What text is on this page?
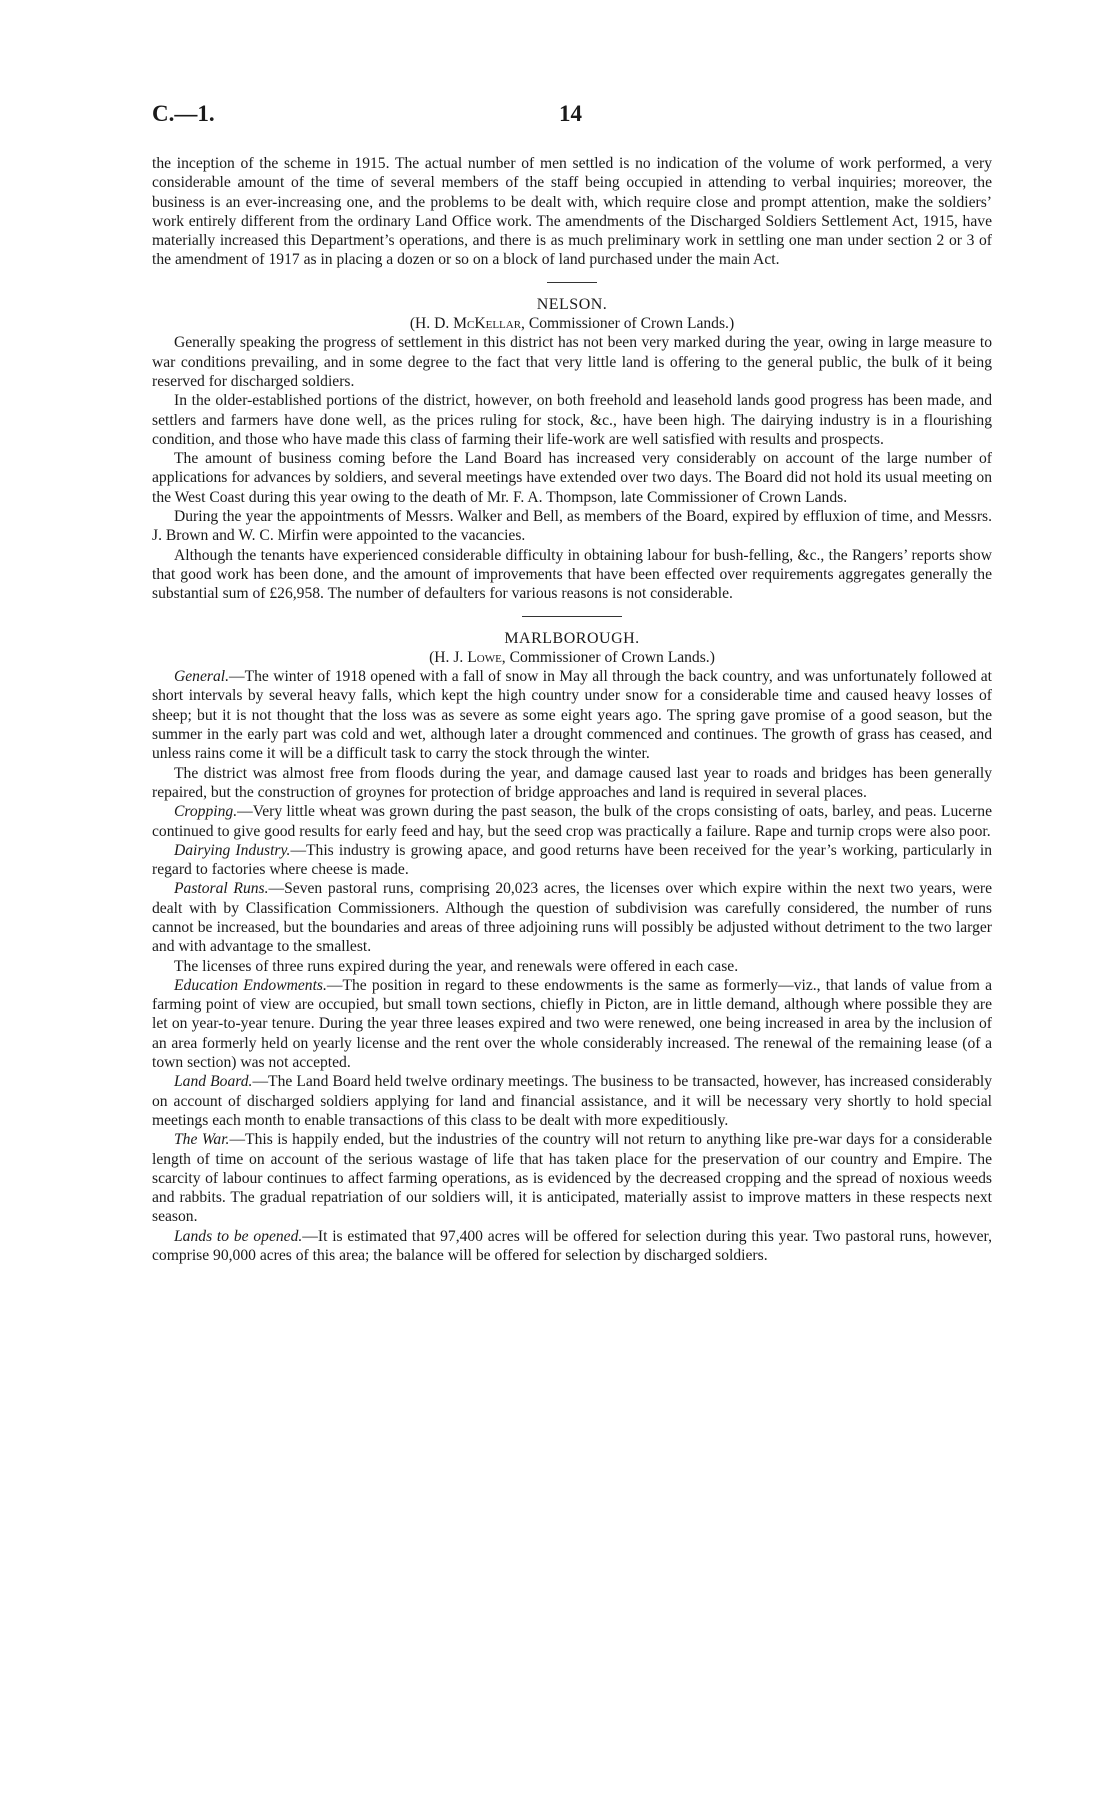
C.—1.	14

the inception of the scheme in 1915. The actual number of men settled is no indication of the volume of work performed, a very considerable amount of the time of several members of the staff being occupied in attending to verbal inquiries; moreover, the business is an ever-increasing one, and the problems to be dealt with, which require close and prompt attention, make the soldiers’ work entirely different from the ordinary Land Office work. The amendments of the Discharged Soldiers Settlement Act, 1915, have materially increased this Department’s operations, and there is as much preliminary work in settling one man under section 2 or 3 of the amendment of 1917 as in placing a dozen or so on a block of land purchased under the main Act.

NELSON.

(H. D. McKellar, Commissioner of Crown Lands.)

Generally speaking the progress of settlement in this district has not been very marked during the year, owing in large measure to war conditions prevailing, and in some degree to the fact that very little land is offering to the general public, the bulk of it being reserved for discharged soldiers.

In the older-established portions of the district, however, on both freehold and leasehold lands good progress has been made, and settlers and farmers have done well, as the prices ruling for stock, &c., have been high. The dairying industry is in a flourishing condition, and those who have made this class of farming their life-work are well satisfied with results and prospects.

The amount of business coming before the Land Board has increased very considerably on account of the large number of applications for advances by soldiers, and several meetings have extended over two days. The Board did not hold its usual meeting on the West Coast during this year owing to the death of Mr. F. A. Thompson, late Commissioner of Crown Lands.

During the year the appointments of Messrs. Walker and Bell, as members of the Board, expired by effluxion of time, and Messrs. J. Brown and W. C. Mirfin were appointed to the vacancies.

Although the tenants have experienced considerable difficulty in obtaining labour for bush-felling, &c., the Rangers’ reports show that good work has been done, and the amount of improvements that have been effected over requirements aggregates generally the substantial sum of £26,958. The number of defaulters for various reasons is not considerable.

MARLBOROUGH.

(H. J. Lowe, Commissioner of Crown Lands.)

General.—The winter of 1918 opened with a fall of snow in May all through the back country, and was unfortunately followed at short intervals by several heavy falls, which kept the high country under snow for a considerable time and caused heavy losses of sheep; but it is not thought that the loss was as severe as some eight years ago. The spring gave promise of a good season, but the summer in the early part was cold and wet, although later a drought commenced and continues. The growth of grass has ceased, and unless rains come it will be a difficult task to carry the stock through the winter.

The district was almost free from floods during the year, and damage caused last year to roads and bridges has been generally repaired, but the construction of groynes for protection of bridge approaches and land is required in several places.

Cropping.—Very little wheat was grown during the past season, the bulk of the crops consisting of oats, barley, and peas. Lucerne continued to give good results for early feed and hay, but the seed crop was practically a failure. Rape and turnip crops were also poor.

Dairying Industry.—This industry is growing apace, and good returns have been received for the year’s working, particularly in regard to factories where cheese is made.

Pastoral Runs.—Seven pastoral runs, comprising 20,023 acres, the licenses over which expire within the next two years, were dealt with by Classification Commissioners. Although the question of subdivision was carefully considered, the number of runs cannot be increased, but the boundaries and areas of three adjoining runs will possibly be adjusted without detriment to the two larger and with advantage to the smallest.

The licenses of three runs expired during the year, and renewals were offered in each case.

Education Endowments.—The position in regard to these endowments is the same as formerly—viz., that lands of value from a farming point of view are occupied, but small town sections, chiefly in Picton, are in little demand, although where possible they are let on year-to-year tenure. During the year three leases expired and two were renewed, one being increased in area by the inclusion of an area formerly held on yearly license and the rent over the whole considerably increased. The renewal of the remaining lease (of a town section) was not accepted.

Land Board.—The Land Board held twelve ordinary meetings. The business to be transacted, however, has increased considerably on account of discharged soldiers applying for land and financial assistance, and it will be necessary very shortly to hold special meetings each month to enable transactions of this class to be dealt with more expeditiously.

The War.—This is happily ended, but the industries of the country will not return to anything like pre-war days for a considerable length of time on account of the serious wastage of life that has taken place for the preservation of our country and Empire. The scarcity of labour continues to affect farming operations, as is evidenced by the decreased cropping and the spread of noxious weeds and rabbits. The gradual repatriation of our soldiers will, it is anticipated, materially assist to improve matters in these respects next season.

Lands to be opened.—It is estimated that 97,400 acres will be offered for selection during this year. Two pastoral runs, however, comprise 90,000 acres of this area; the balance will be offered for selection by discharged soldiers.
